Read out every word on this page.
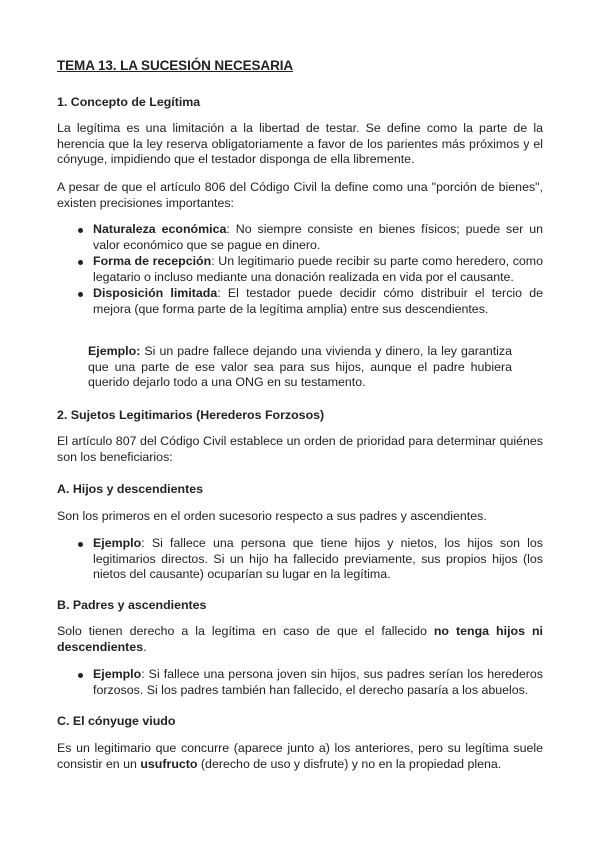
TEMA 13. LA SUCESIÓN NECESARIA
1. Concepto de Legítima

La legítima es una limitación a la libertad de testar. Se define como la parte de la herencia que la ley reserva obligatoriamente a favor de los parientes más próximos y el cónyuge, impidiendo que el testador disponga de ella libremente.

A pesar de que el artículo 806 del Código Civil la define como una "porción de bienes", existen precisiones importantes:

Naturaleza económica: No siempre consiste en bienes físicos; puede ser un valor económico que se pague en dinero.
Forma de recepción: Un legitimario puede recibir su parte como heredero, como legatario o incluso mediante una donación realizada en vida por el causante.
Disposición limitada: El testador puede decidir cómo distribuir el tercio de mejora (que forma parte de la legítima amplia) entre sus descendientes.

Ejemplo: Si un padre fallece dejando una vivienda y dinero, la ley garantiza que una parte de ese valor sea para sus hijos, aunque el padre hubiera querido dejarlo todo a una ONG en su testamento.

2. Sujetos Legitimarios (Herederos Forzosos)

El artículo 807 del Código Civil establece un orden de prioridad para determinar quiénes son los beneficiarios:

A. Hijos y descendientes

Son los primeros en el orden sucesorio respecto a sus padres y ascendientes.

Ejemplo: Si fallece una persona que tiene hijos y nietos, los hijos son los legitimarios directos. Si un hijo ha fallecido previamente, sus propios hijos (los nietos del causante) ocuparían su lugar en la legítima.
B. Padres y ascendientes

Solo tienen derecho a la legítima en caso de que el fallecido no tenga hijos ni descendientes.

Ejemplo: Si fallece una persona joven sin hijos, sus padres serían los herederos forzosos. Si los padres también han fallecido, el derecho pasaría a los abuelos.
C. El cónyuge viudo

Es un legitimario que concurre (aparece junto a) los anteriores, pero su legítima suele consistir en un usufructo (derecho de uso y disfrute) y no en la propiedad plena.
